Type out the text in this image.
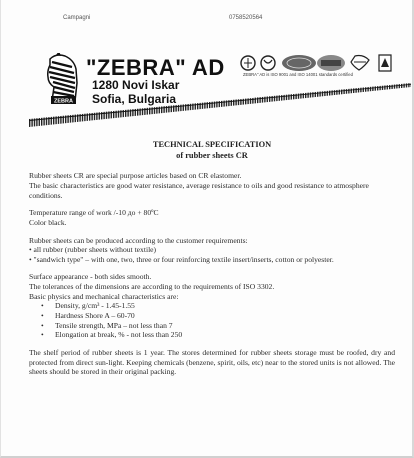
Campagni	0758520564
ZEBRA
"ZEBRA" AD
1280 Novi Iskar
Sofia, Bulgaria
ZEBRA" AD is ISO 9001 and ISO 14001 standards certified
TECHNICAL SPECIFICATION
of rubber sheets CR
Rubber sheets CR are special purpose articles based on CR elastomer.
The basic characteristics are good water resistance, average resistance to oils and good resistance to atmosphere conditions.
Temperature range of work /-10 до + 80ºC
Color black.
Rubber sheets can be produced according to the customer requirements:
• all rubber (rubber sheets without textile)
• "sandwich type" – with one, two, three or four reinforcing textile insert/inserts, cotton or polyester.
Surface appearance - both sides smooth.
The tolerances of the dimensions are according to the requirements of ISO 3302.
Basic physics and mechanical characteristics are:
•	Density, g/cm³ - 1.45-1.55
•	Hardness Shore A – 60-70
•	Tensile strength, MPa – not less than 7
•	Elongation at break, % - not less than 250
The shelf period of rubber sheets is 1 year. The stores determined for rubber sheets storage must be roofed, dry and protected from direct sun-light. Keeping chemicals (benzene, spirit, oils, etc) near to the stored units is not allowed. The sheets should be stored in their original packing.
